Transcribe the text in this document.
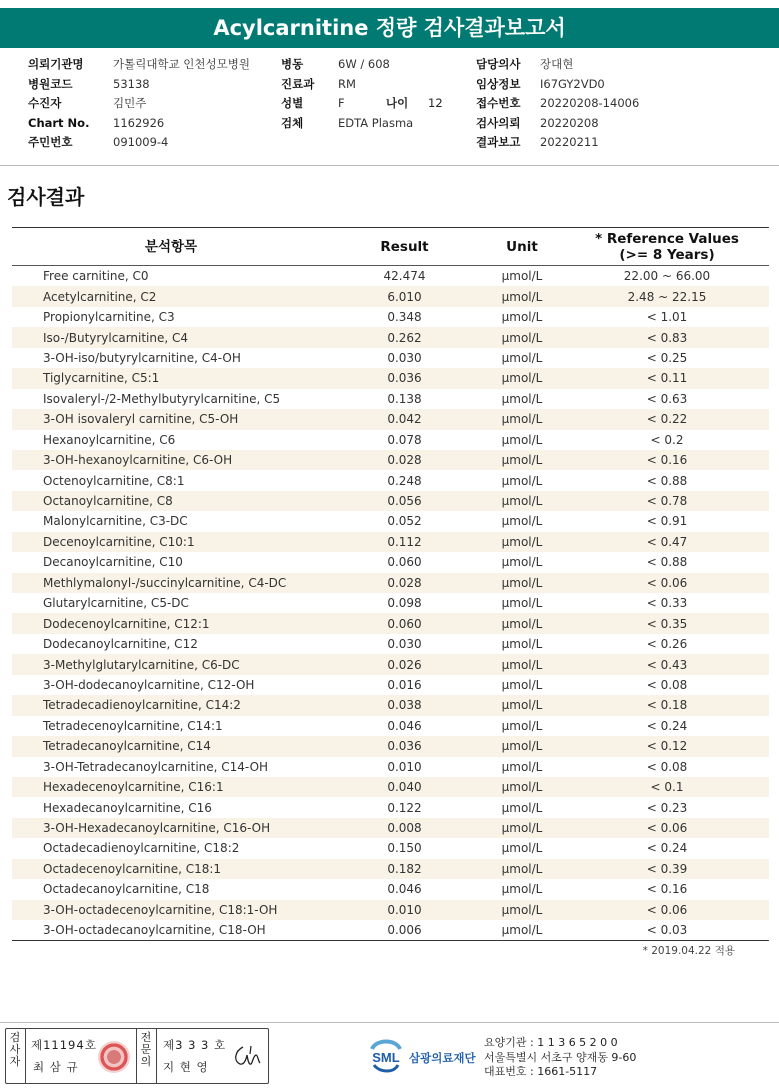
Acylcarnitine 정량 검사결과보고서
의뢰기관명	가톨릭대학교 인천성모병원
병원코드	53138
수진자	김민주
Chart No.	1162926
주민번호	091009-4
병동	6W / 608
진료과	RM
성별	F	나이	12
검체	EDTA Plasma
담당의사	장대현
임상정보	I67GY2VD0
접수번호	20220208-14006
검사의뢰	20220208
결과보고	20220211
검사결과
분석항목	Result	Unit	* Reference Values
(>= 8 Years)

Free carnitine, C0	42.474	μmol/L	22.00 ~ 66.00
Acetylcarnitine, C2	6.010	μmol/L	2.48 ~ 22.15
Propionylcarnitine, C3	0.348	μmol/L	< 1.01
Iso-/Butyrylcarnitine, C4	0.262	μmol/L	< 0.83
3-OH-iso/butyrylcarnitine, C4-OH	0.030	μmol/L	< 0.25
Tiglycarnitine, C5:1	0.036	μmol/L	< 0.11
Isovaleryl-/2-Methylbutyrylcarnitine, C5	0.138	μmol/L	< 0.63
3-OH isovaleryl carnitine, C5-OH	0.042	μmol/L	< 0.22
Hexanoylcarnitine, C6	0.078	μmol/L	< 0.2
3-OH-hexanoylcarnitine, C6-OH	0.028	μmol/L	< 0.16
Octenoylcarnitine, C8:1	0.248	μmol/L	< 0.88
Octanoylcarnitine, C8	0.056	μmol/L	< 0.78
Malonylcarnitine, C3-DC	0.052	μmol/L	< 0.91
Decenoylcarnitine, C10:1	0.112	μmol/L	< 0.47
Decanoylcarnitine, C10	0.060	μmol/L	< 0.88
Methlymalonyl-/succinylcarnitine, C4-DC	0.028	μmol/L	< 0.06
Glutarylcarnitine, C5-DC	0.098	μmol/L	< 0.33
Dodecenoylcarnitine, C12:1	0.060	μmol/L	< 0.35
Dodecanoylcarnitine, C12	0.030	μmol/L	< 0.26
3-Methylglutarylcarnitine, C6-DC	0.026	μmol/L	< 0.43
3-OH-dodecanoylcarnitine, C12-OH	0.016	μmol/L	< 0.08
Tetradecadienoylcarnitine, C14:2	0.038	μmol/L	< 0.18
Tetradecenoylcarnitine, C14:1	0.046	μmol/L	< 0.24
Tetradecanoylcarnitine, C14	0.036	μmol/L	< 0.12
3-OH-Tetradecanoylcarnitine, C14-OH	0.010	μmol/L	< 0.08
Hexadecenoylcarnitine, C16:1	0.040	μmol/L	< 0.1
Hexadecanoylcarnitine, C16	0.122	μmol/L	< 0.23
3-OH-Hexadecanoylcarnitine, C16-OH	0.008	μmol/L	< 0.06
Octadecadienoylcarnitine, C18:2	0.150	μmol/L	< 0.24
Octadecenoylcarnitine, C18:1	0.182	μmol/L	< 0.39
Octadecanoylcarnitine, C18	0.046	μmol/L	< 0.16
3-OH-octadecenoylcarnitine, C18:1-OH	0.010	μmol/L	< 0.06
3-OH-octadecanoylcarnitine, C18-OH	0.006	μmol/L	< 0.03
* 2019.04.22 적용
검사자
제11194호
최 삼 규
전문의
제3 3 3 호
지 현 영
SML 삼광의료재단
요양기관 : 1 1 3 6 5 2 0 0
서울특별시 서초구 양재동 9-60
대표번호 : 1661-5117
